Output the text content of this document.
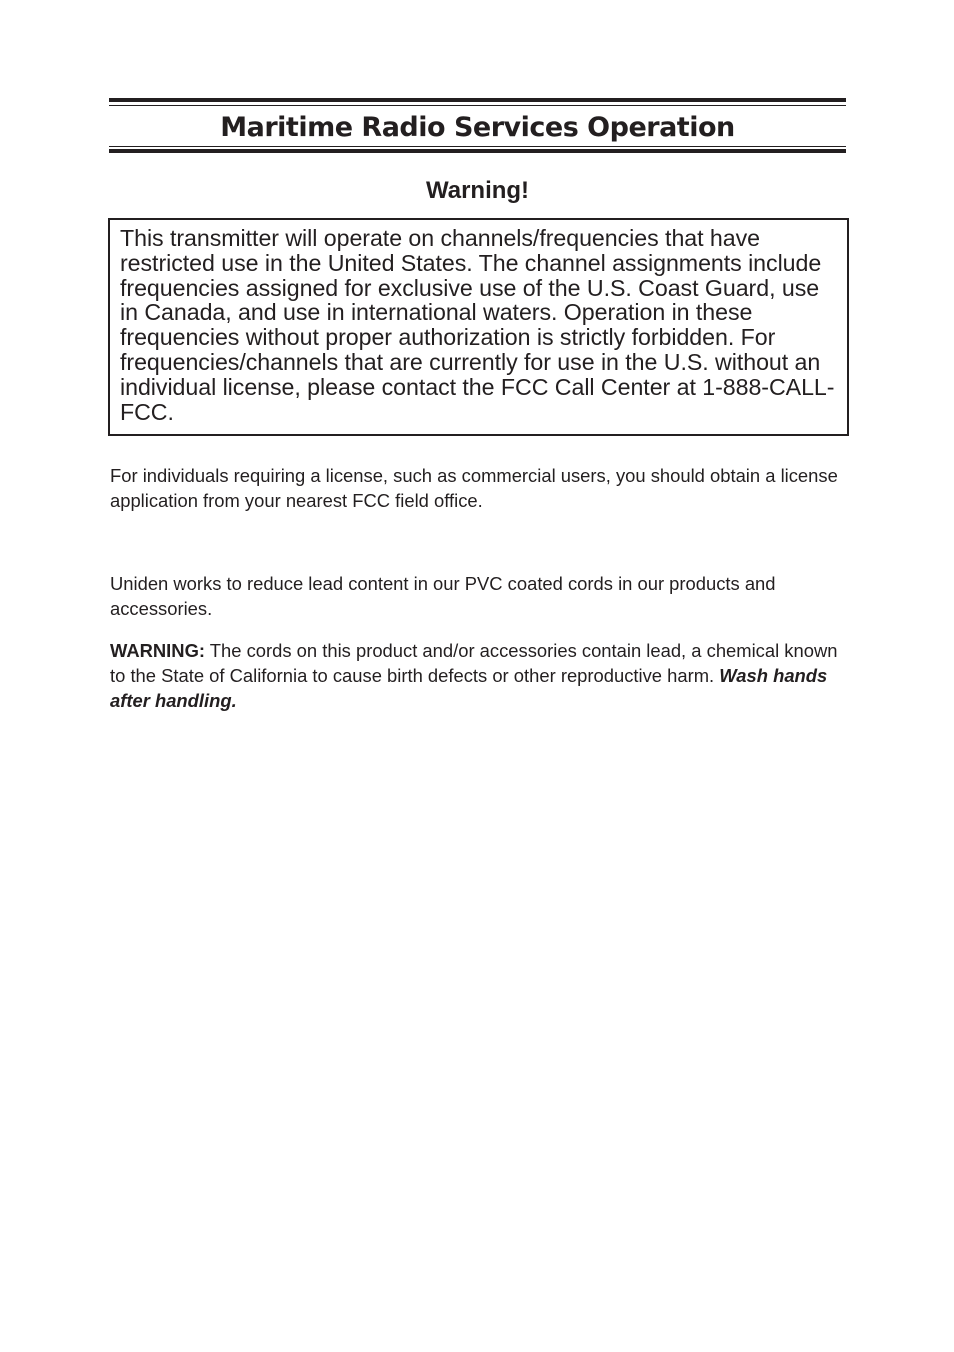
Maritime Radio Services Operation
Warning!

This transmitter will operate on channels/frequencies that have restricted use in the United States. The channel assignments include frequencies assigned for exclusive use of the U.S. Coast Guard, use in Canada, and use in international waters. Operation in these frequencies without proper authorization is strictly forbidden. For frequencies/channels that are currently for use in the U.S. without an individual license, please contact the FCC Call Center at 1-888-CALL-FCC.

For individuals requiring a license, such as commercial users, you should obtain a license application from your nearest FCC field office.

Uniden works to reduce lead content in our PVC coated cords in our products and accessories.

WARNING: The cords on this product and/or accessories contain lead, a chemical known to the State of California to cause birth defects or other reproductive harm. Wash hands after handling.
